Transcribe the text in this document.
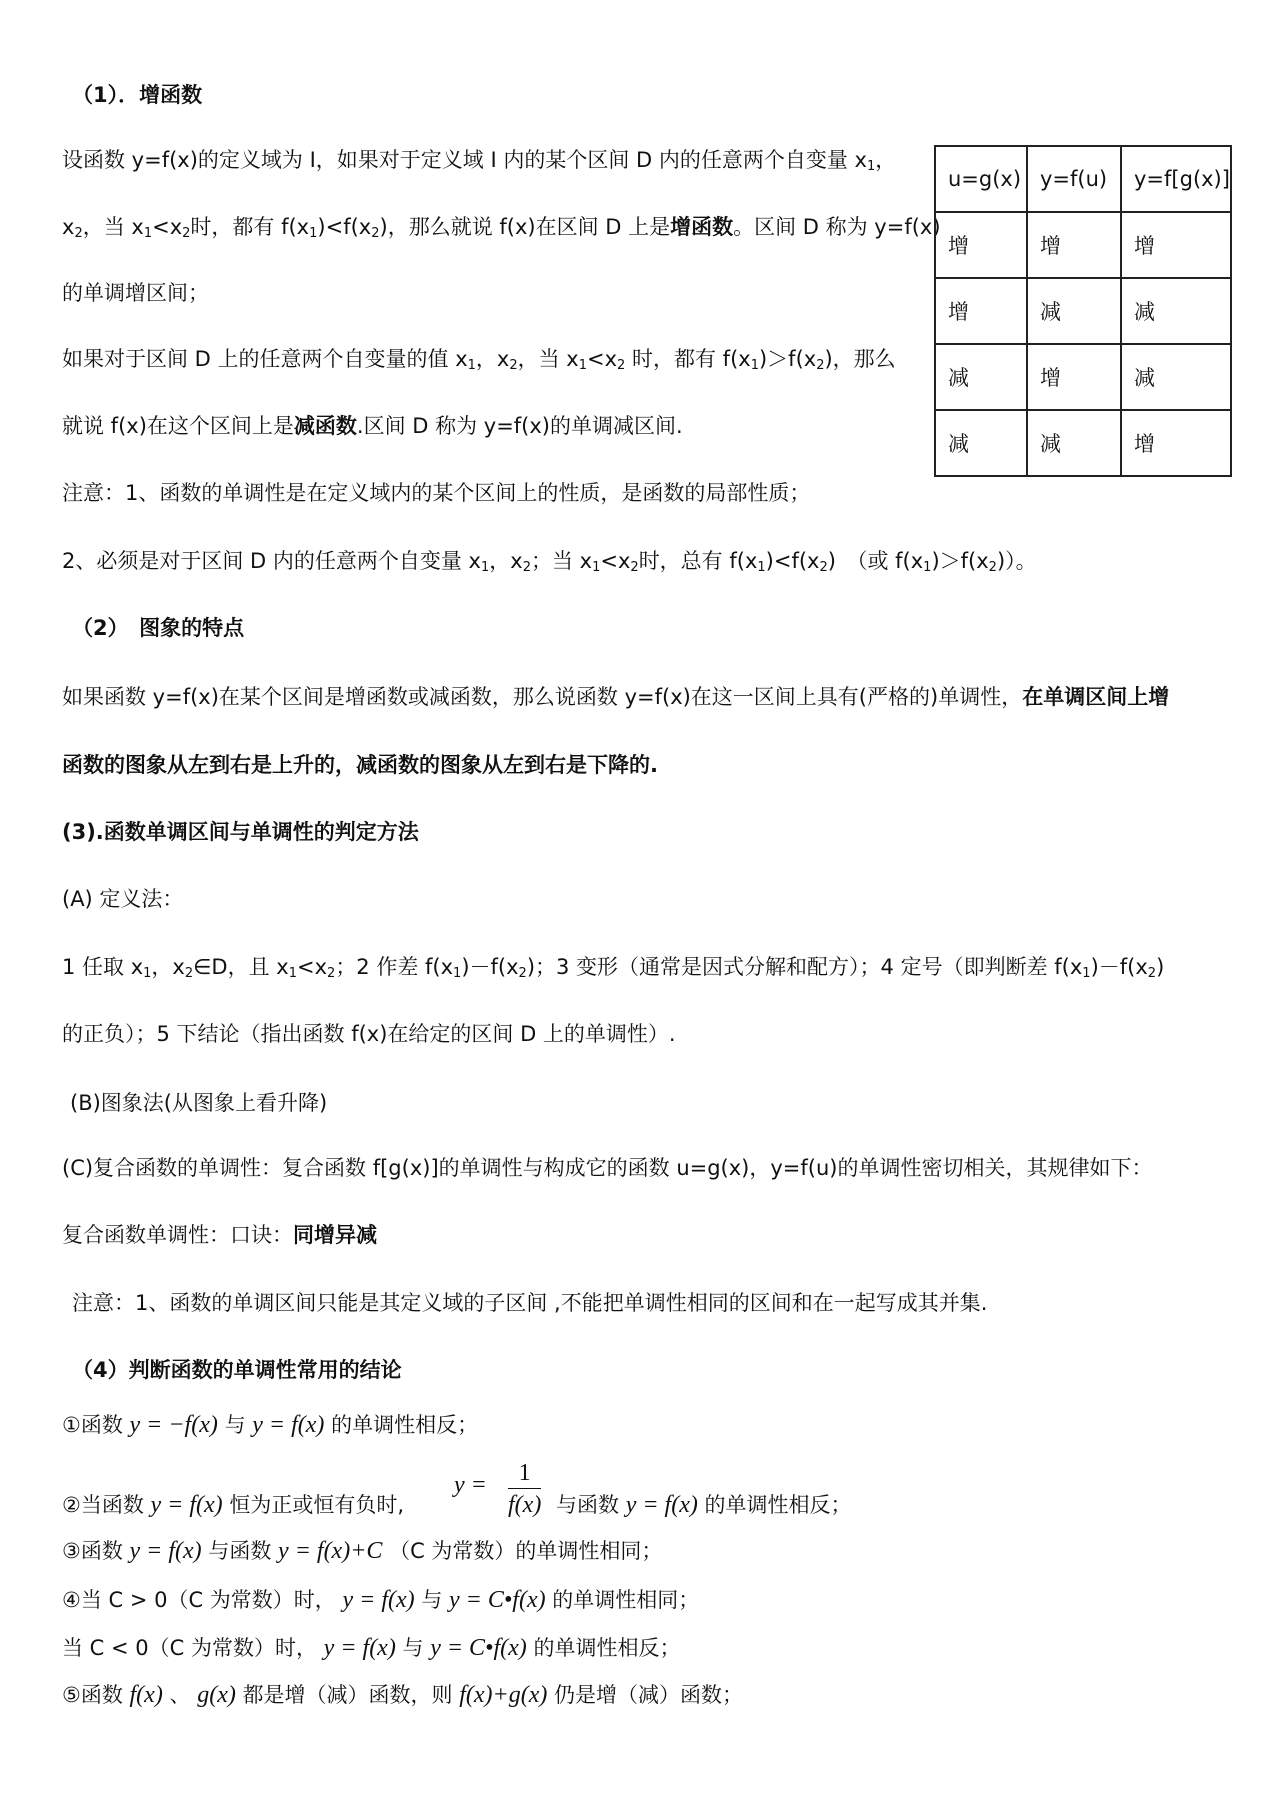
（1）．增函数
设函数 y=f(x)的定义域为 I，如果对于定义域 I 内的某个区间 D 内的任意两个自变量 $x_1$，
$x_2$，当 $x_1<x_2$时，都有 $f(x_1)<f(x_2)$，那么就说 f(x)在区间 D 上是增函数。区间 D 称为 y=f(x)
的单调增区间；
如果对于区间 D 上的任意两个自变量的值 $x_1$，$x_2$，当 $x_1<x_2$ 时，都有 $f(x_1)>f(x_2)$，那么
就说 f(x)在这个区间上是减函数.区间 D 称为 y=f(x)的单调减区间.
注意：1、函数的单调性是在定义域内的某个区间上的性质，是函数的局部性质；
2、必须是对于区间 D 内的任意两个自变量 $x_1$，$x_2$；当 $x_1<x_2$时，总有 $f(x_1)<f(x_2)$　（或 $f(x_1)>f(x_2)$）。
u=g(x)	y=f(u)	y=f[g(x)]
增	增	增
增	减	减
减	增	减
减	减	增
（2）　图象的特点
如果函数 y=f(x)在某个区间是增函数或减函数，那么说函数 y=f(x)在这一区间上具有(严格的)单调性，在单调区间上增
函数的图象从左到右是上升的，减函数的图象从左到右是下降的.
(3).函数单调区间与单调性的判定方法
(A) 定义法：
1 任取 $x_1$，$x_2\in D$，且 $x_1<x_2$；2 作差 $f(x_1)-f(x_2)$；3 变形（通常是因式分解和配方）；4 定号（即判断差 $f(x_1)-f(x_2)$
的正负）；5 下结论（指出函数 f(x)在给定的区间 D 上的单调性）.
(B)图象法(从图象上看升降)
(C)复合函数的单调性：复合函数 f[g(x)]的单调性与构成它的函数 u=g(x)，y=f(u)的单调性密切相关，其规律如下：
复合函数单调性：口诀：同增异减
注意：1、函数的单调区间只能是其定义域的子区间 ,不能把单调性相同的区间和在一起写成其并集.
（4）判断函数的单调性常用的结论
①函数 y = −f(x) 与 y = f(x) 的单调性相反；
②当函数 y = f(x) 恒为正或恒有负时,
$y = \frac{1}{f(x)}$ 与函数 y = f(x) 的单调性相反；
③函数 y = f(x) 与函数 y = f(x)+C （C 为常数）的单调性相同；
④当 C > 0（C 为常数）时， y = f(x) 与 y = C•f(x) 的单调性相同；
当 C < 0（C 为常数）时， y = f(x) 与 y = C•f(x) 的单调性相反；
⑤函数 f(x) 、 g(x) 都是增（减）函数，则 f(x)+g(x) 仍是增（减）函数；
